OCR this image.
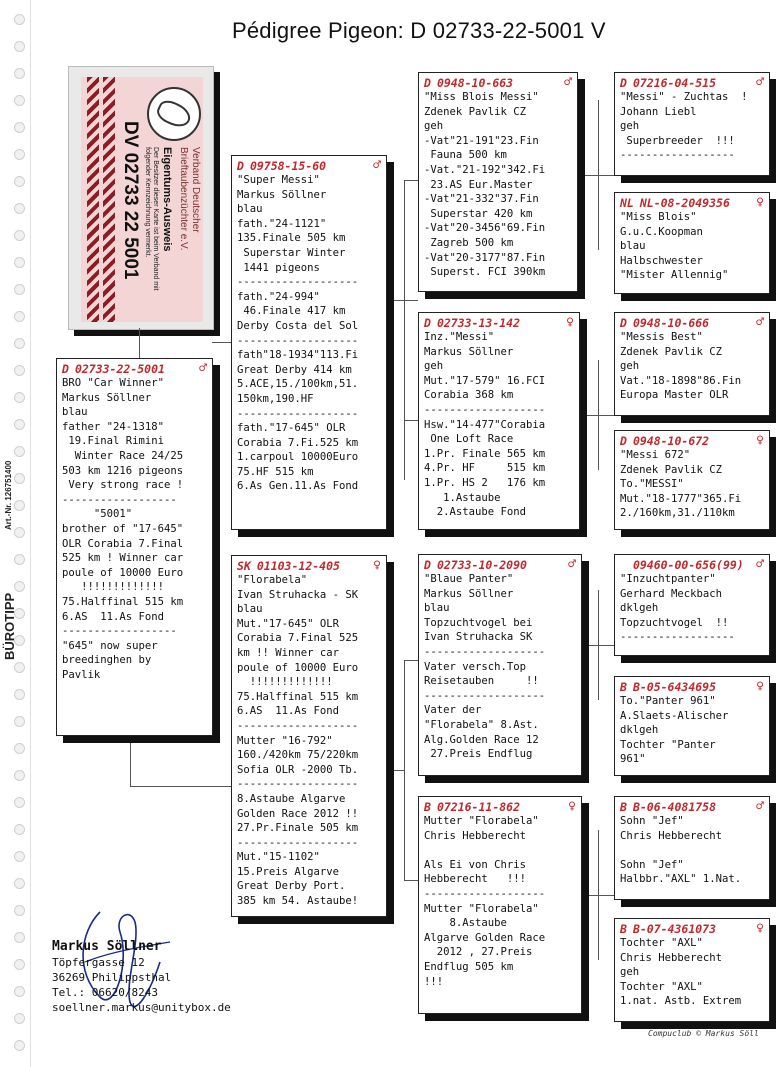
BÜROTIPP
Art.-Nr. 126751400
Pédigree Pigeon: D 02733-22-5001 V
Verband Deutscher
Brieftaubenzüchter e.V.
Eigentums-Ausweis
Der Besitzer dieser Karte ist beim Verband mit folgender Kennzeichnung vermerkt.
DV 02733 22 5001
D 02733-22-5001	♂
BRO "Car Winner"
Markus Söllner
blau
father "24-1318"
19.Final Rimini
Winter Race 24/25
503 km 1216 pigeons
Very strong race !
------------------
"5001"
brother of "17-645"
OLR Corabia 7.Final
525 km ! Winner car
poule of 10000 Euro
!!!!!!!!!!!!!
75.Halffinal 515 km
6.AS  11.As Fond
------------------
"645" now super
breedinghen by
Pavlik
D 09758-15-60	♂
"Super Messi"
Markus Söllner
blau
fath."24-1121"
135.Finale 505 km
Superstar Winter
1441 pigeons
-------------------
fath."24-994"
46.Finale 417 km
Derby Costa del Sol
-------------------
fath"18-1934"113.Fi
Great Derby 414 km
5.ACE,15./100km,51.
150km,190.HF
-------------------
fath."17-645" OLR
Corabia 7.Fi.525 km
1.carpoul 10000Euro
75.HF 515 km
6.As Gen.11.As Fond
SK 01103-12-405	♀
"Florabela"
Ivan Struhacka - SK
blau
Mut."17-645" OLR
Corabia 7.Final 525
km !! Winner car
poule of 10000 Euro
!!!!!!!!!!!!!
75.Halffinal 515 km
6.AS  11.As Fond
-------------------
Mutter "16-792"
160./420km 75/220km
Sofia OLR -2000 Tb.
-------------------
8.Astaube Algarve
Golden Race 2012 !!
27.Pr.Finale 505 km
-------------------
Mut."15-1102"
15.Preis Algarve
Great Derby Port.
385 km 54. Astaube!
D 0948-10-663	♂
"Miss Blois Messi"
Zdenek Pavlik CZ
geh
-Vat"21-191"23.Fin
Fauna 500 km
-Vat."21-192"342.Fi
23.AS Eur.Master
-Vat"21-332"37.Fin
Superstar 420 km
-Vat"20-3456"69.Fin
Zagreb 500 km
-Vat"20-3177"87.Fin
Superst. FCI 390km
D 02733-13-142	♀
Inz."Messi"
Markus Söllner
geh
Mut."17-579" 16.FCI
Corabia 368 km
-------------------
Hsw."14-477"Corabia
One Loft Race
1.Pr. Finale 565 km
4.Pr. HF     515 km
1.Pr. HS 2   176 km
1.Astaube
2.Astaube Fond
D 02733-10-2090	♂
"Blaue Panter"
Markus Söllner
blau
Topzuchtvogel bei
Ivan Struhacka SK
-------------------
Vater versch.Top
Reisetauben     !!
-------------------
Vater der
"Florabela" 8.Ast.
Alg.Golden Race 12
27.Preis Endflug
B 07216-11-862	♀
Mutter "Florabela"
Chris Hebberecht

Als Ei von Chris
Hebberecht   !!!
-------------------
Mutter "Florabela"
8.Astaube
Algarve Golden Race
2012 , 27.Preis
Endflug 505 km
!!!
D 07216-04-515	♂
"Messi" - Zuchtas  !
Johann Liebl
geh
Superbreeder  !!!
------------------
NL NL-08-2049356 ♀
"Miss Blois"
G.u.C.Koopman
blau
Halbschwester
"Mister Allennig"
D 0948-10-666	♂
"Messis Best"
Zdenek Pavlik CZ
geh
Vat."18-1898"86.Fin
Europa Master OLR
D 0948-10-672	♀
"Messi 672"
Zdenek Pavlik CZ
To."MESSI"
Mut."18-1777"365.Fi
2./160km,31./110km
09460-00-656(99) ♂
"Inzuchtpanter"
Gerhard Meckbach
dklgeh
Topzuchtvogel  !!
------------------
B B-05-6434695	♀
To."Panter 961"
A.Slaets-Alischer
dklgeh
Tochter "Panter
961"
B B-06-4081758	♂
Sohn "Jef"
Chris Hebberecht

Sohn "Jef"
Halbbr."AXL" 1.Nat.
B B-07-4361073	♀
Tochter "AXL"
Chris Hebberecht
geh
Tochter "AXL"
1.nat. Astb. Extrem
Markus Söllner
Töpfergasse 12
36269 Philippsthal
Tel.: 06620/8243
soellner.markus@unitybox.de
Compuclub © Markus Söll
